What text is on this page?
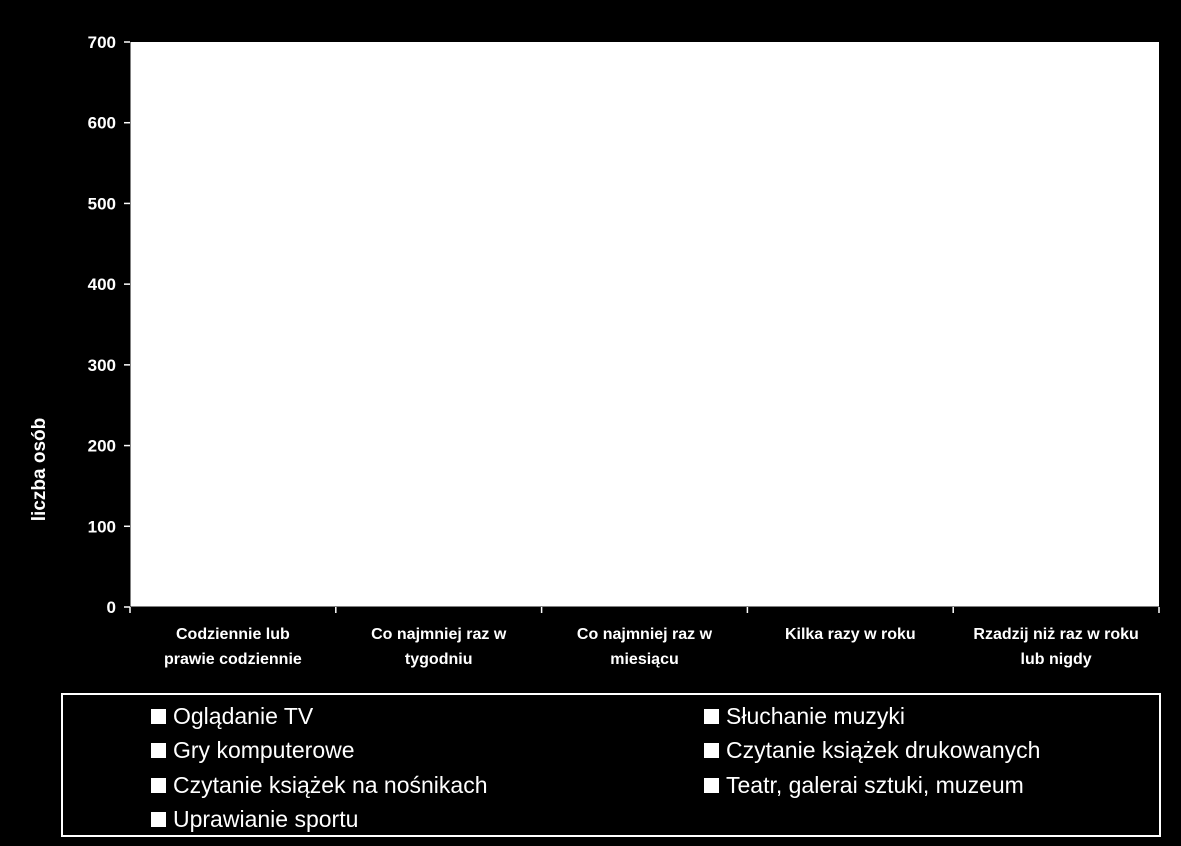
0
100
200
300
400
500
600
700
Codziennie lub prawie codziennie
Co najmniej raz w tygodniu
Co najmniej raz w miesiącu
Kilka razy w roku	Rzadzij niż raz w roku lub nigdy
liczba osób
Oglądanie TV	Słuchanie muzyki
Gry komputerowe	Czytanie książek drukowanych
Czytanie książek na nośnikach	Teatr, galerai sztuki, muzeum
Uprawianie sportu
